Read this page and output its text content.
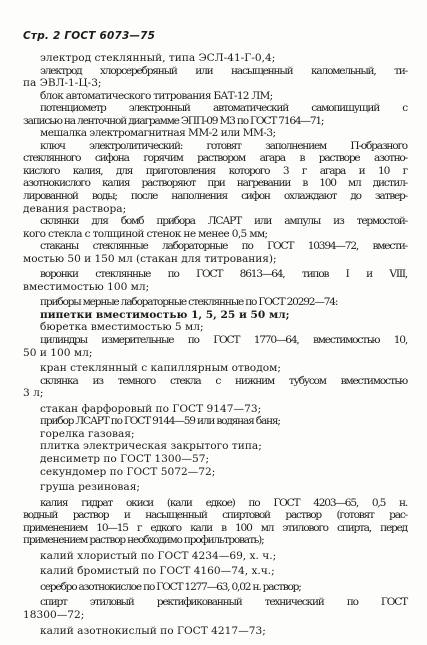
Стр. 2 ГОСТ 6073—75
электрод стеклянный, типа ЭСЛ-41-Г-0,4;
электрод хлорсеребряный или насыщенный каломельный, ти-
па ЭВЛ-1-Ц-3;
блок автоматического титрования БАТ-12 ЛМ;
потенциометр электронный автоматический самопишущий с
записью на ленточной диаграмме ЭПП-09 М3 по ГОСТ 7164—71;
мешалка электромагнитная ММ-2 или ММ-3;
ключ электролитический: готовят заполнением П-образного
стеклянного сифона горячим раствором агара в растворе азотно-
кислого калия, для приготовления которого 3 г агара и 10 г
азотнокислого калия растворяют при нагревании в 100 мл дистил-
лированной воды; после наполнения сифон охлаждают до затвер-
девания раствора;
склянки для бомб прибора ЛСАРТ или ампулы из термостой-
кого стекла с толщиной стенок не менее 0,5 мм;
стаканы стеклянные лабораторные по ГОСТ 10394—72, вмести-
мостью 50 и 150 мл (стакан для титрования);
воронки стеклянные по ГОСТ 8613—64, типов I и VIII,
вместимостью 100 мл;
приборы мерные лабораторные стеклянные по ГОСТ 20292—74:
пипетки вместимостью 1, 5, 25 и 50 мл;
бюретка вместимостью 5 мл;
цилиндры измерительные по ГОСТ 1770—64, вместимостью 10,
50 и 100 мл;
кран стеклянный с капиллярным отводом;
склянка из темного стекла с нижним тубусом вместимостью
3 л;
стакан фарфоровый по ГОСТ 9147—73;
прибор ЛСАРТ по ГОСТ 9144—59 или водяная баня;
горелка газовая;
плитка электрическая закрытого типа;
денсиметр по ГОСТ 1300—57;
секундомер по ГОСТ 5072—72;
груша резиновая;
калия гидрат окиси (кали едкое) по ГОСТ 4203—65, 0,5 н.
водный раствор и насыщенный спиртовой раствор (готовят рас-
применением 10—15 г едкого кали в 100 мл этилового спирта, перед
применением раствор необходимо профильтровать);
калий хлористый по ГОСТ 4234—69, х. ч.;
калий бромистый по ГОСТ 4160—74, х.ч.;
серебро азотнокислое по ГОСТ 1277—63, 0,02 н. раствор;
спирт этиловый ректификованный технический по ГОСТ
18300—72;
калий азотнокислый по ГОСТ 4217—73;
